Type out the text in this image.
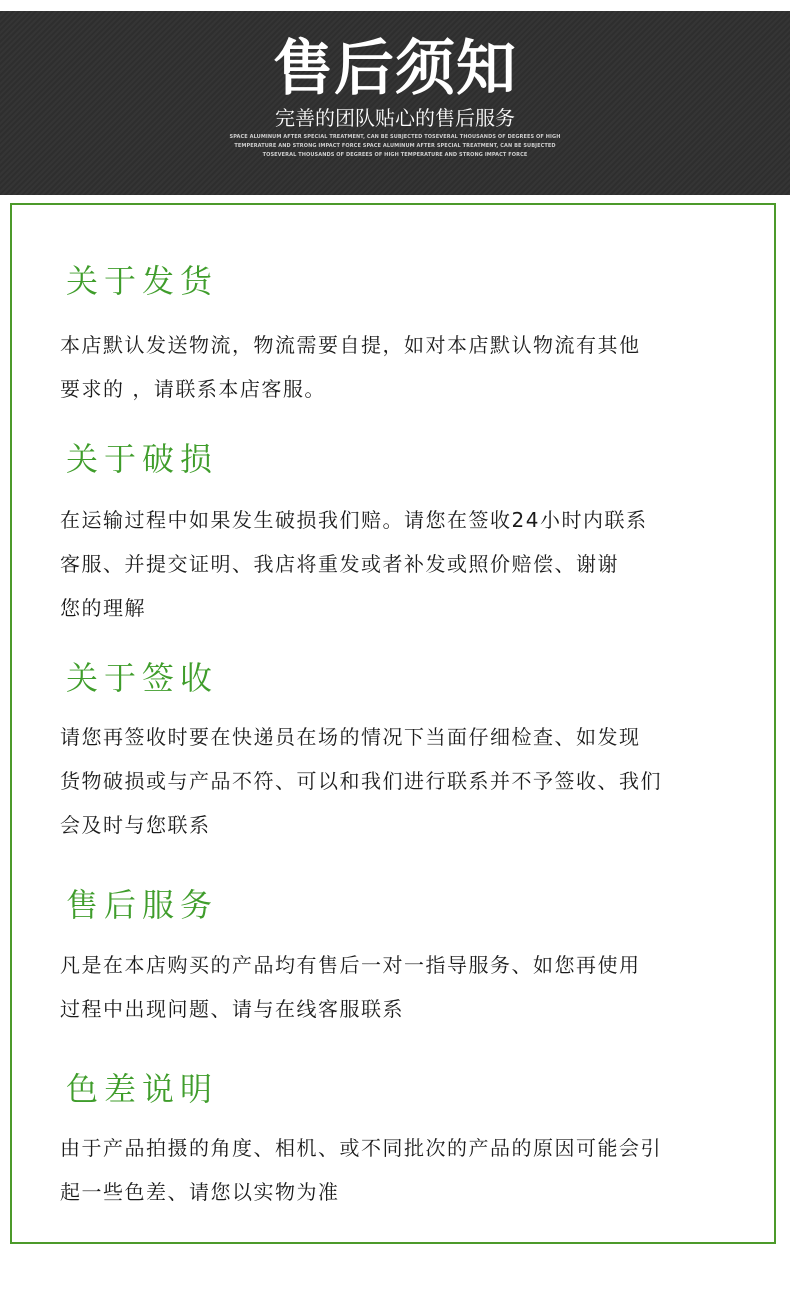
售后须知
完善的团队贴心的售后服务
SPACE ALUMINUM AFTER SPECIAL TREATMENT, CAN BE SUBJECTED TOSEVERAL THOUSANDS OF DEGREES OF HIGH
TEMPERATURE AND STRONG IMPACT FORCE SPACE ALUMINUM AFTER SPECIAL TREATMENT, CAN BE SUBJECTED
TOSEVERAL THOUSANDS OF DEGREES OF HIGH TEMPERATURE AND STRONG IMPACT FORCE
关于发货
本店默认发送物流，物流需要自提，如对本店默认物流有其他
要求的 ，请联系本店客服。
关于破损
在运输过程中如果发生破损我们赔。请您在签收24小时内联系
客服、并提交证明、我店将重发或者补发或照价赔偿、谢谢
您的理解
关于签收
请您再签收时要在快递员在场的情况下当面仔细检查、如发现
货物破损或与产品不符、可以和我们进行联系并不予签收、我们
会及时与您联系
售后服务
凡是在本店购买的产品均有售后一对一指导服务、如您再使用
过程中出现问题、请与在线客服联系
色差说明
由于产品拍摄的角度、相机、或不同批次的产品的原因可能会引
起一些色差、请您以实物为准
